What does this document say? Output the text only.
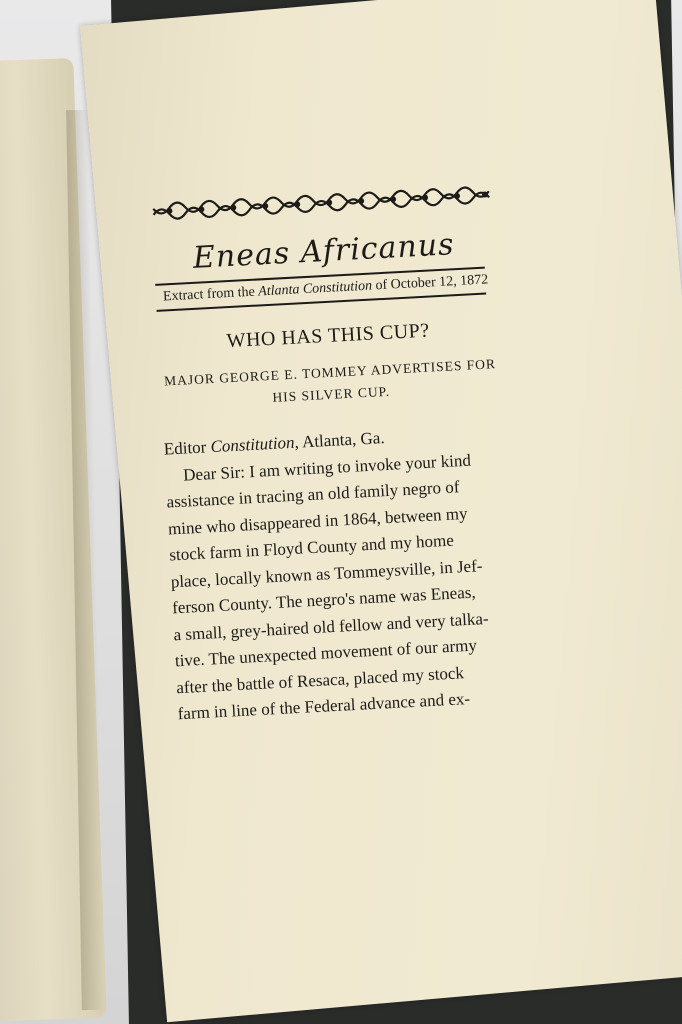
Eneas Africanus
Extract from the Atlanta Constitution of October 12, 1872
WHO HAS THIS CUP?
MAJOR GEORGE E. TOMMEY ADVERTISES FOR
HIS SILVER CUP.
Editor Constitution, Atlanta, Ga.
Dear Sir: I am writing to invoke your kind
assistance in tracing an old family negro of
mine who disappeared in 1864, between my
stock farm in Floyd County and my home
place, locally known as Tommeysville, in Jef-
ferson County. The negro's name was Eneas,
a small, grey-haired old fellow and very talka-
tive. The unexpected movement of our army
after the battle of Resaca, placed my stock
farm in line of the Federal advance and ex-
